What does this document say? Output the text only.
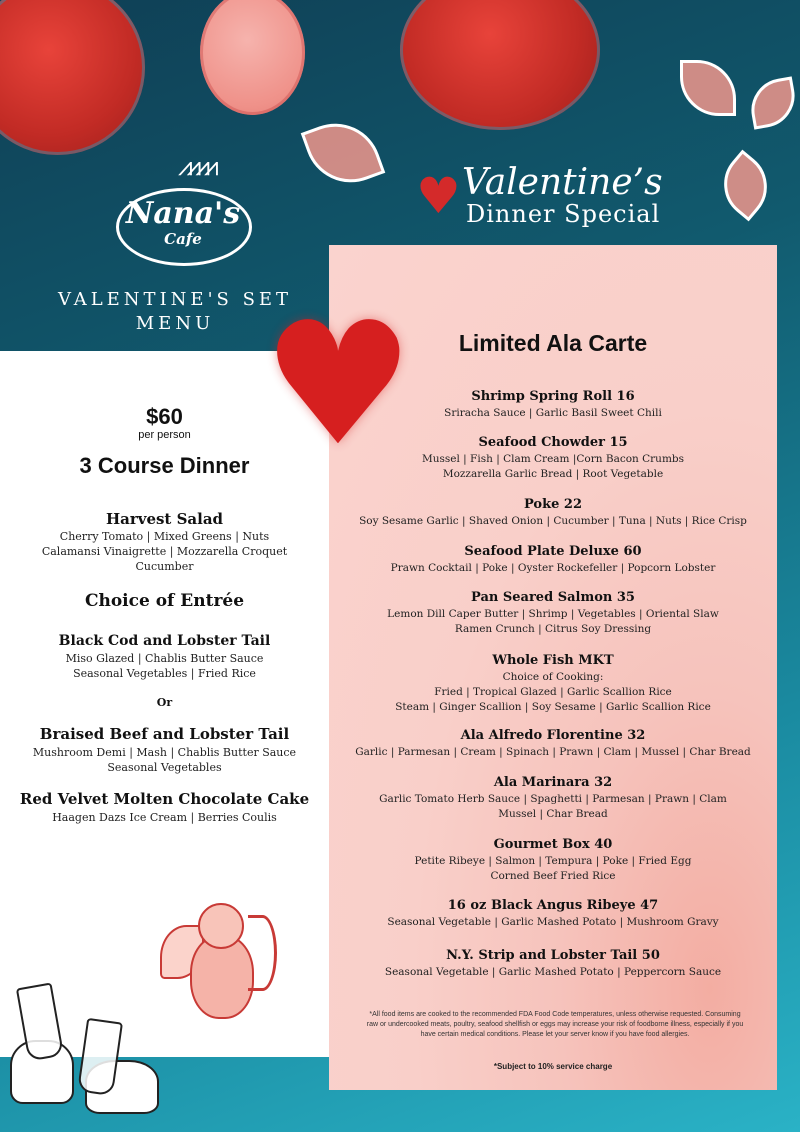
⩘⩘⩘⩘
Nana's
Cafe
♥ Valentine’s
Dinner Special
VALENTINE'S SET
MENU
$60
per person
3 Course Dinner
Harvest Salad
Cherry Tomato | Mixed Greens | Nuts
Calamansi Vinaigrette | Mozzarella Croquet
Cucumber
Choice of Entrée
Black Cod and Lobster Tail
Miso Glazed | Chablis Butter Sauce
Seasonal Vegetables | Fried Rice
Or
Braised Beef and Lobster Tail
Mushroom Demi | Mash | Chablis Butter Sauce
Seasonal Vegetables
Red Velvet Molten Chocolate Cake
Haagen Dazs Ice Cream | Berries Coulis
♥	Limited Ala Carte
Shrimp Spring Roll 16
Sriracha Sauce | Garlic Basil Sweet Chili
Seafood Chowder 15
Mussel | Fish | Clam Cream |Corn Bacon Crumbs
Mozzarella Garlic Bread | Root Vegetable
Poke 22
Soy Sesame Garlic | Shaved Onion | Cucumber | Tuna | Nuts | Rice Crisp
Seafood Plate Deluxe 60
Prawn Cocktail | Poke | Oyster Rockefeller | Popcorn Lobster
Pan Seared Salmon 35
Lemon Dill Caper Butter | Shrimp | Vegetables | Oriental Slaw
Ramen Crunch | Citrus Soy Dressing
Whole Fish MKT
Choice of Cooking:
Fried | Tropical Glazed | Garlic Scallion Rice
Steam | Ginger Scallion | Soy Sesame | Garlic Scallion Rice
Ala Alfredo Florentine 32
Garlic | Parmesan | Cream | Spinach | Prawn | Clam | Mussel | Char Bread
Ala Marinara 32
Garlic Tomato Herb Sauce | Spaghetti | Parmesan | Prawn | Clam
Mussel | Char Bread
Gourmet Box 40
Petite Ribeye | Salmon | Tempura | Poke | Fried Egg
Corned Beef Fried Rice
16 oz Black Angus Ribeye 47
Seasonal Vegetable | Garlic Mashed Potato | Mushroom Gravy
N.Y. Strip and Lobster Tail 50
Seasonal Vegetable | Garlic Mashed Potato | Peppercorn Sauce
*All food items are cooked to the recommended FDA Food Code temperatures, unless otherwise requested. Consuming raw or undercooked meats, poultry, seafood shellfish or eggs may increase your risk of foodborne illness, especially if you have certain medical conditions. Please let your server know if you have food allergies.
*Subject to 10% service charge
